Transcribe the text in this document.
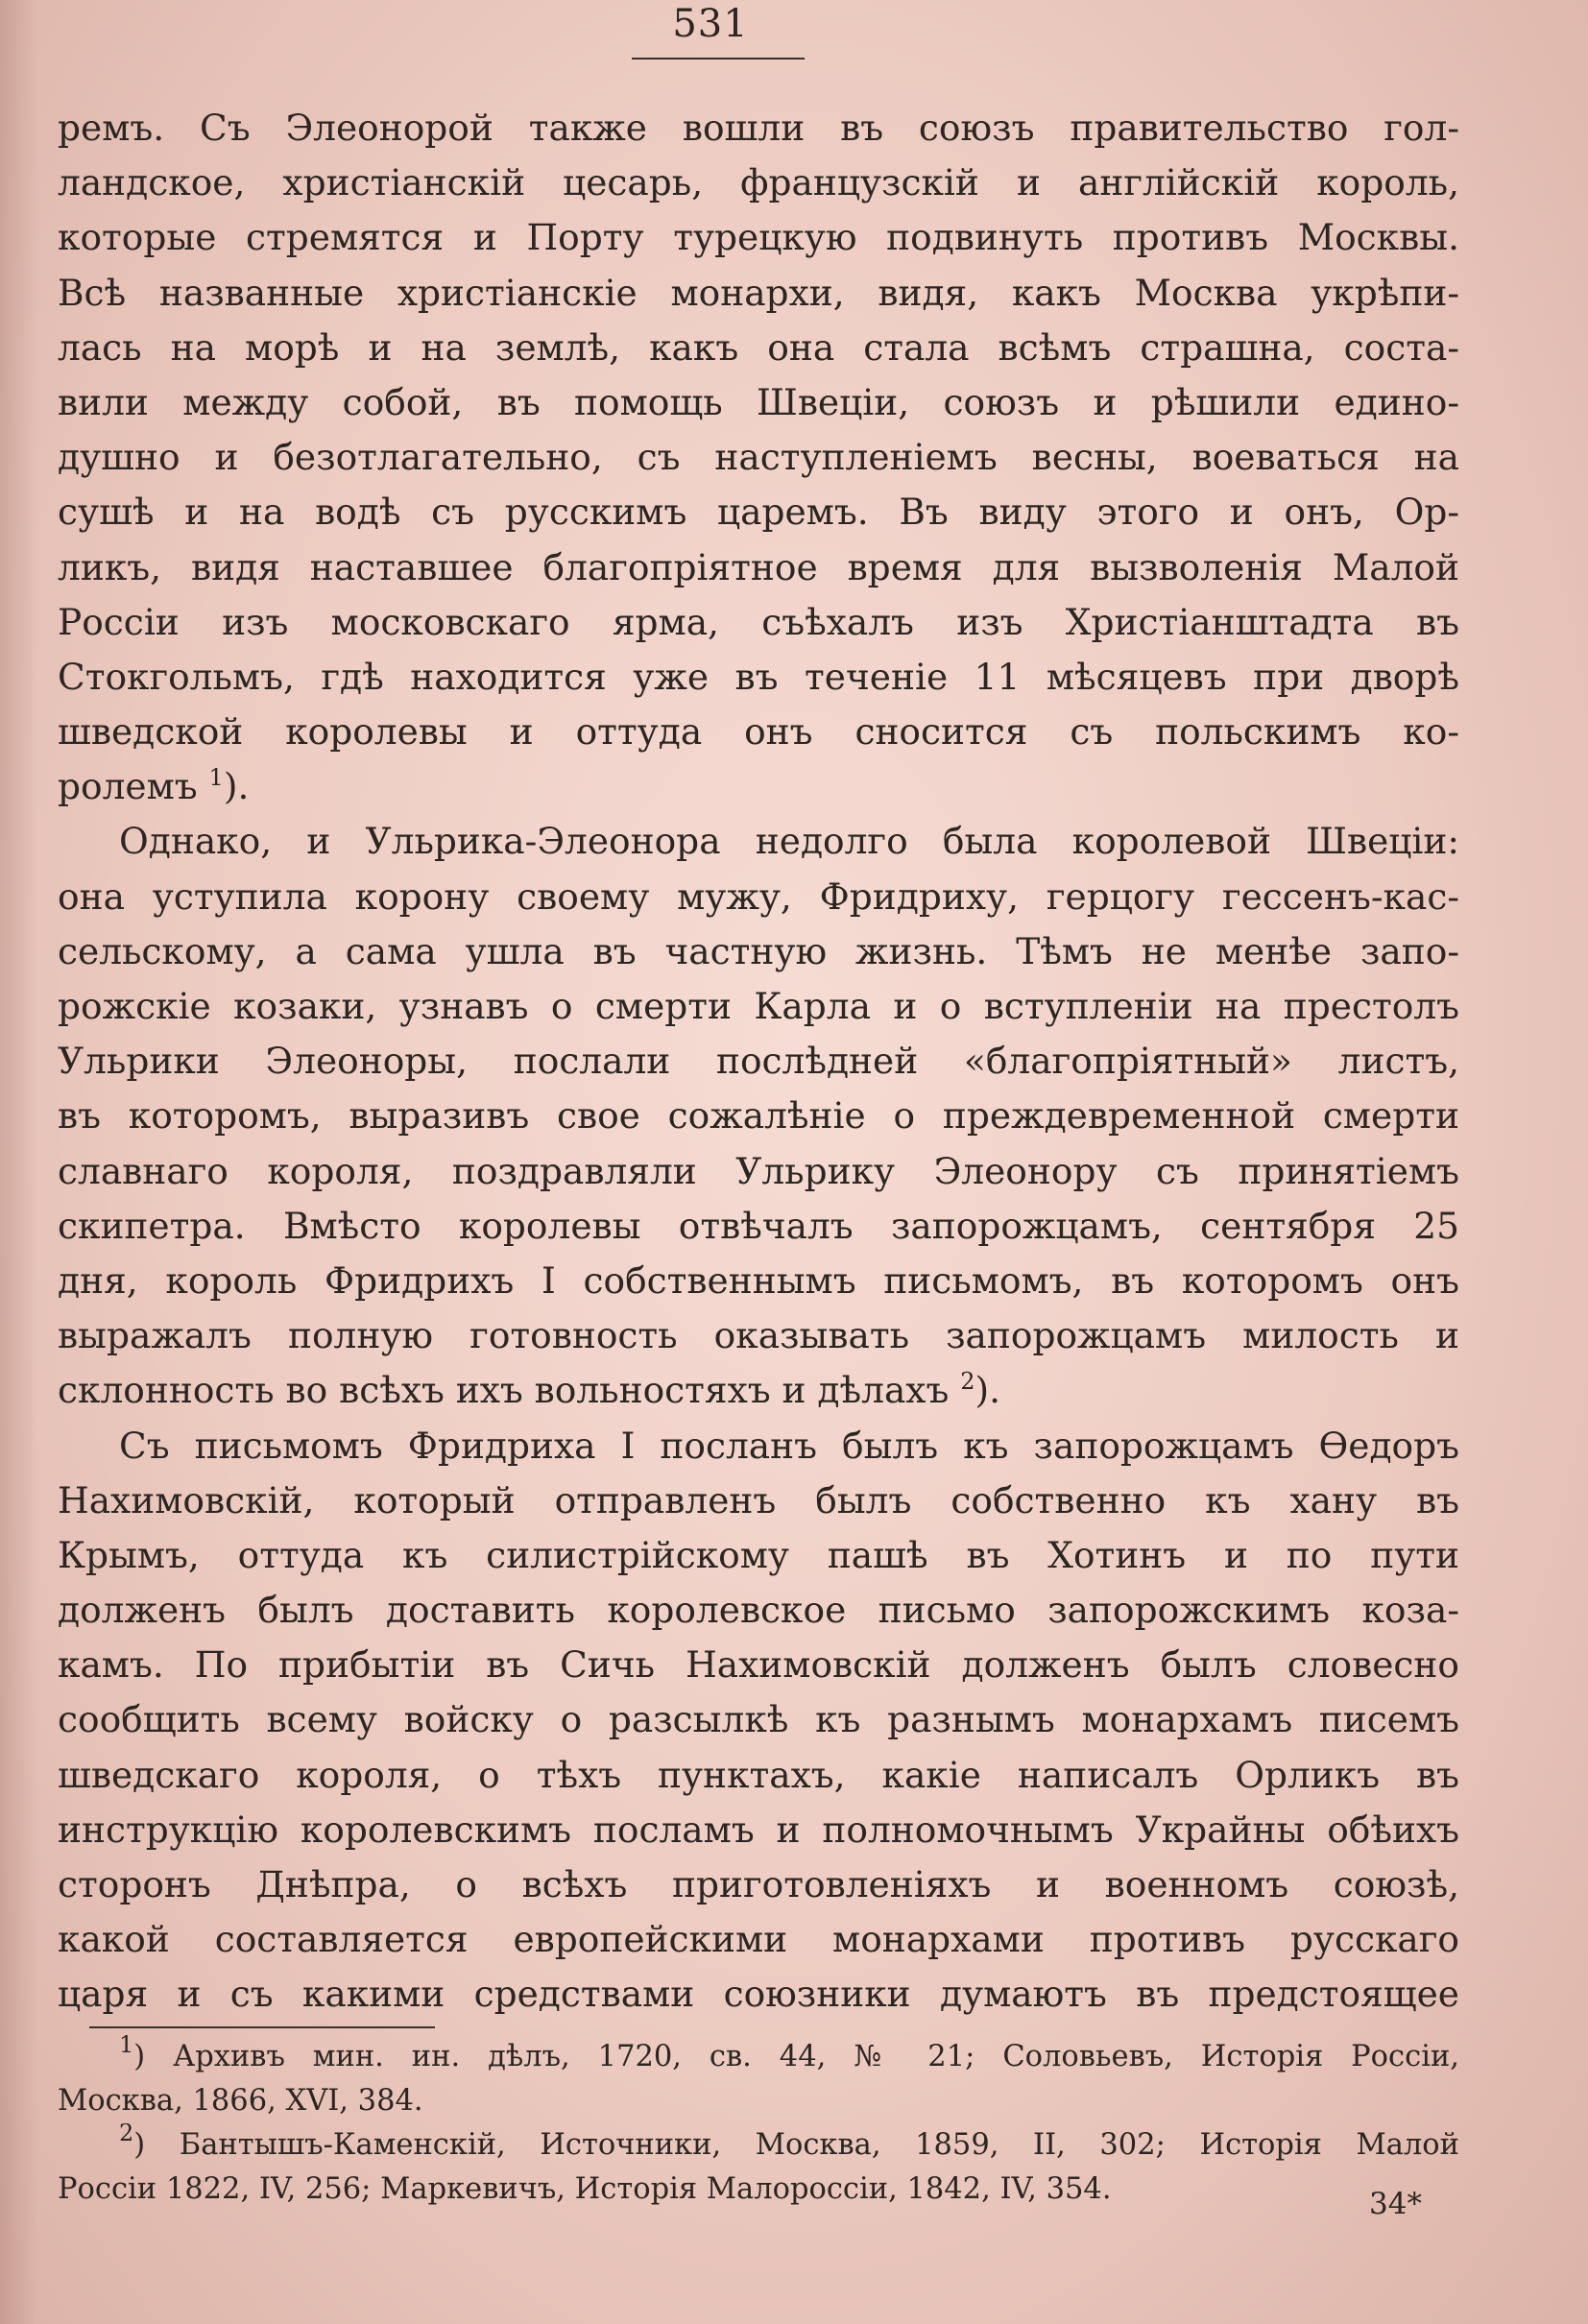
531
ремъ. Съ Элеонорой также вошли въ союзъ правительство гол-
ландское, христіанскій цесарь, французскій и англійскій король,
которые стремятся и Порту турецкую подвинуть противъ Москвы.
Всѣ названные христіанскіе монархи, видя, какъ Москва укрѣпи-
лась на морѣ и на землѣ, какъ она стала всѣмъ страшна, соста-
вили между собой, въ помощь Швеціи, союзъ и рѣшили едино-
душно и безотлагательно, съ наступленіемъ весны, воеваться на
сушѣ и на водѣ съ русскимъ царемъ. Въ виду этого и онъ, Ор-
ликъ, видя наставшее благопріятное время для вызволенія Малой
Россіи изъ московскаго ярма, съѣхалъ изъ Христіанштадта въ
Стокгольмъ, гдѣ находится уже въ теченіе 11 мѣсяцевъ при дворѣ
шведской королевы и оттуда онъ сносится съ польскимъ ко-
ролемъ $^1$).
Однако, и Ульрика-Элеонора недолго была королевой Швеціи:
она уступила корону своему мужу, Фридриху, герцогу гессенъ-кас-
сельскому, а сама ушла въ частную жизнь. Тѣмъ не менѣе запо-
рожскіе козаки, узнавъ о смерти Карла и о вступленіи на престолъ
Ульрики Элеоноры, послали послѣдней «благопріятный» листъ,
въ которомъ, выразивъ свое сожалѣніе о преждевременной смерти
славнаго короля, поздравляли Ульрику Элеонору съ принятіемъ
скипетра. Вмѣсто королевы отвѣчалъ запорожцамъ, сентября 25
дня, король Фридрихъ I собственнымъ письмомъ, въ которомъ онъ
выражалъ полную готовность оказывать запорожцамъ милость и
склонность во всѣхъ ихъ вольностяхъ и дѣлахъ $^2$).
Съ письмомъ Фридриха I посланъ былъ къ запорожцамъ Ѳедоръ
Нахимовскій, который отправленъ былъ собственно къ хану въ
Крымъ, оттуда къ силистрійскому пашѣ въ Хотинъ и по пути
долженъ былъ доставить королевское письмо запорожскимъ коза-
камъ. По прибытіи въ Сичь Нахимовскій долженъ былъ словесно
сообщить всему войску о разсылкѣ къ разнымъ монархамъ писемъ
шведскаго короля, о тѣхъ пунктахъ, какіе написалъ Орликъ въ
инструкцію королевскимъ посламъ и полномочнымъ Украйны обѣихъ
сторонъ Днѣпра, о всѣхъ приготовленіяхъ и военномъ союзѣ,
какой составляется европейскими монархами противъ русскаго
царя и съ какими средствами союзники думаютъ въ предстоящее
$^1$) Архивъ мин. ин. дѣлъ, 1720, св. 44, № 21; Соловьевъ, Исторія Россіи,
Москва, 1866, XVI, 384.
$^2$) Бантышъ-Каменскій, Источники, Москва, 1859, II, 302; Исторія Малой
Россіи 1822, IV, 256; Маркевичъ, Исторія Малороссіи, 1842, IV, 354.	34*
